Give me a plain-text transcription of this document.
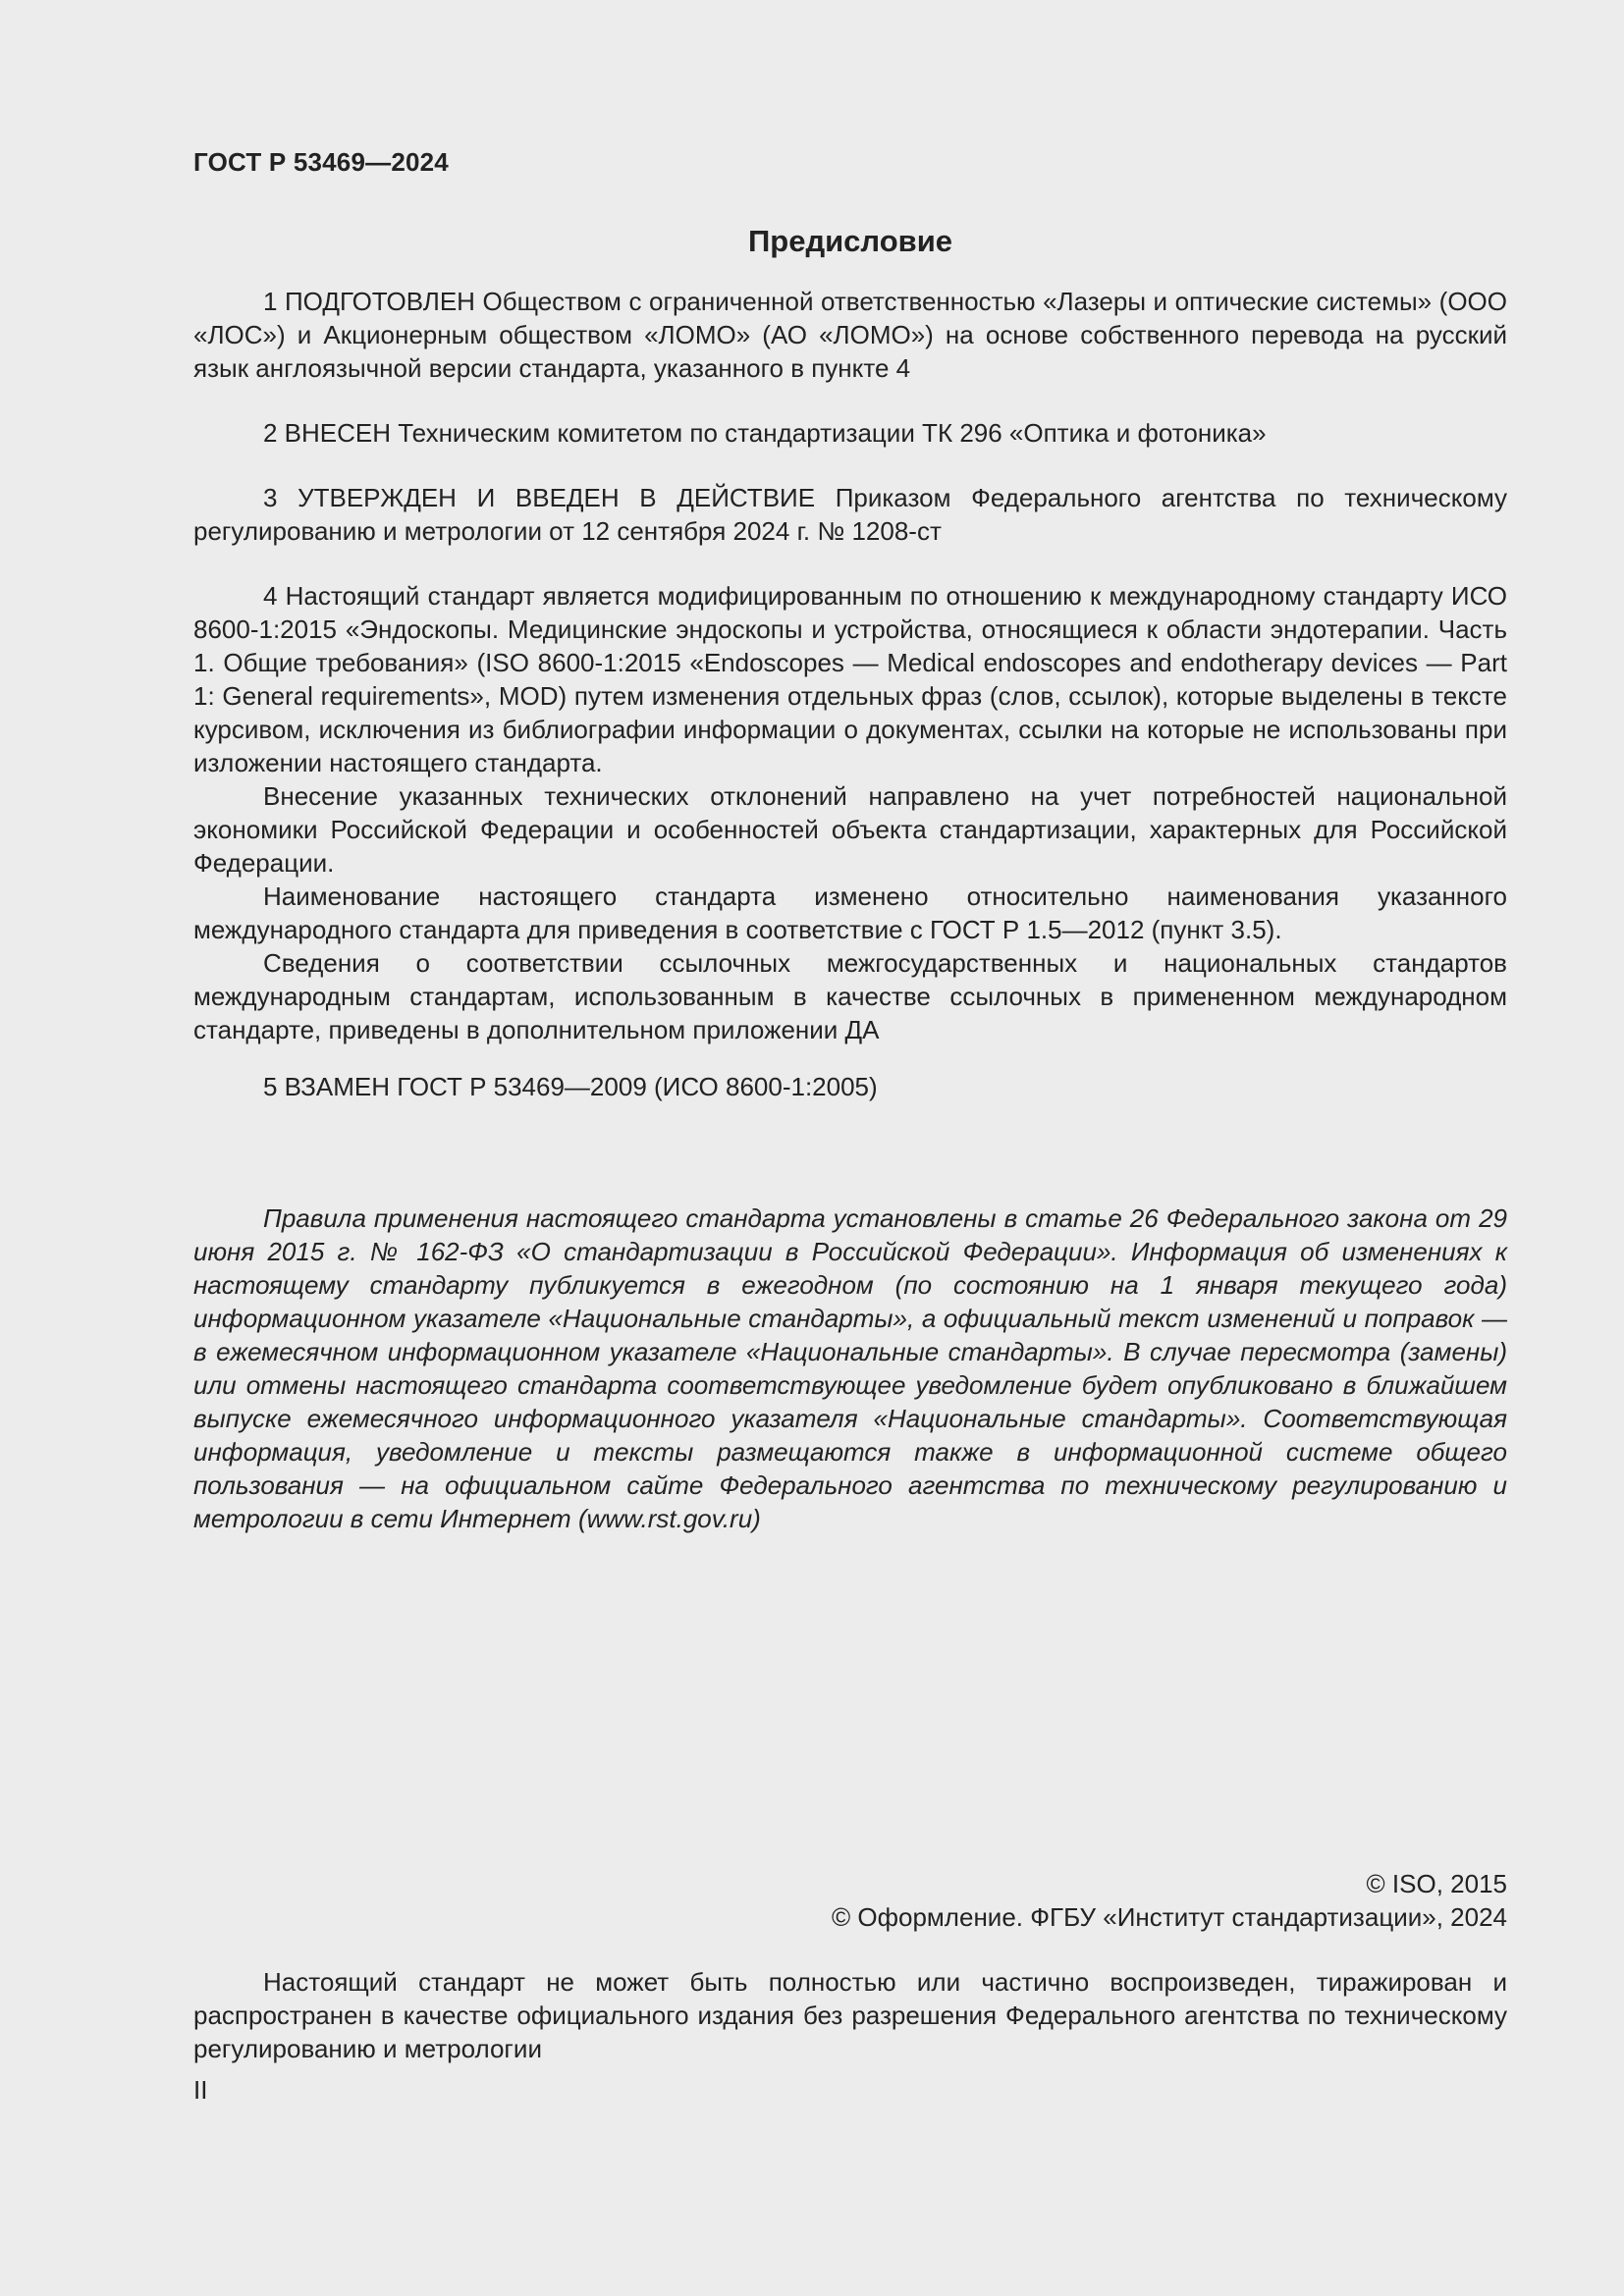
ГОСТ Р 53469—2024
Предисловие

1 ПОДГОТОВЛЕН Обществом с ограниченной ответственностью «Лазеры и оптические системы» (ООО «ЛОС») и Акционерным обществом «ЛОМО» (АО «ЛОМО») на основе собственного перевода на русский язык англоязычной версии стандарта, указанного в пункте 4

2 ВНЕСЕН Техническим комитетом по стандартизации ТК 296 «Оптика и фотоника»

3 УТВЕРЖДЕН И ВВЕДЕН В ДЕЙСТВИЕ Приказом Федерального агентства по техническому регулированию и метрологии от 12 сентября 2024 г. № 1208-ст

4 Настоящий стандарт является модифицированным по отношению к международному стандарту ИСО 8600-1:2015 «Эндоскопы. Медицинские эндоскопы и устройства, относящиеся к области эндотерапии. Часть 1. Общие требования» (ISO 8600-1:2015 «Endoscopes — Medical endoscopes and endotherapy devices — Part 1: General requirements», MOD) путем изменения отдельных фраз (слов, ссылок), которые выделены в тексте курсивом, исключения из библиографии информации о документах, ссылки на которые не использованы при изложении настоящего стандарта.

Внесение указанных технических отклонений направлено на учет потребностей национальной экономики Российской Федерации и особенностей объекта стандартизации, характерных для Российской Федерации.

Наименование настоящего стандарта изменено относительно наименования указанного международного стандарта для приведения в соответствие с ГОСТ Р 1.5—2012 (пункт 3.5).

Сведения о соответствии ссылочных межгосударственных и национальных стандартов международным стандартам, использованным в качестве ссылочных в примененном международном стандарте, приведены в дополнительном приложении ДА

5 ВЗАМЕН ГОСТ Р 53469—2009 (ИСО 8600-1:2005)

Правила применения настоящего стандарта установлены в статье 26 Федерального закона от 29 июня 2015 г. № 162-ФЗ «О стандартизации в Российской Федерации». Информация об изменениях к настоящему стандарту публикуется в ежегодном (по состоянию на 1 января текущего года) информационном указателе «Национальные стандарты», а официальный текст изменений и поправок — в ежемесячном информационном указателе «Национальные стандарты». В случае пересмотра (замены) или отмены настоящего стандарта соответствующее уведомление будет опубликовано в ближайшем выпуске ежемесячного информационного указателя «Национальные стандарты». Соответствующая информация, уведомление и тексты размещаются также в информационной системе общего пользования — на официальном сайте Федерального агентства по техническому регулированию и метрологии в сети Интернет (www.rst.gov.ru)

© ISO, 2015

© Оформление. ФГБУ «Институт стандартизации», 2024

Настоящий стандарт не может быть полностью или частично воспроизведен, тиражирован и распространен в качестве официального издания без разрешения Федерального агентства по техническому регулированию и метрологии

II
